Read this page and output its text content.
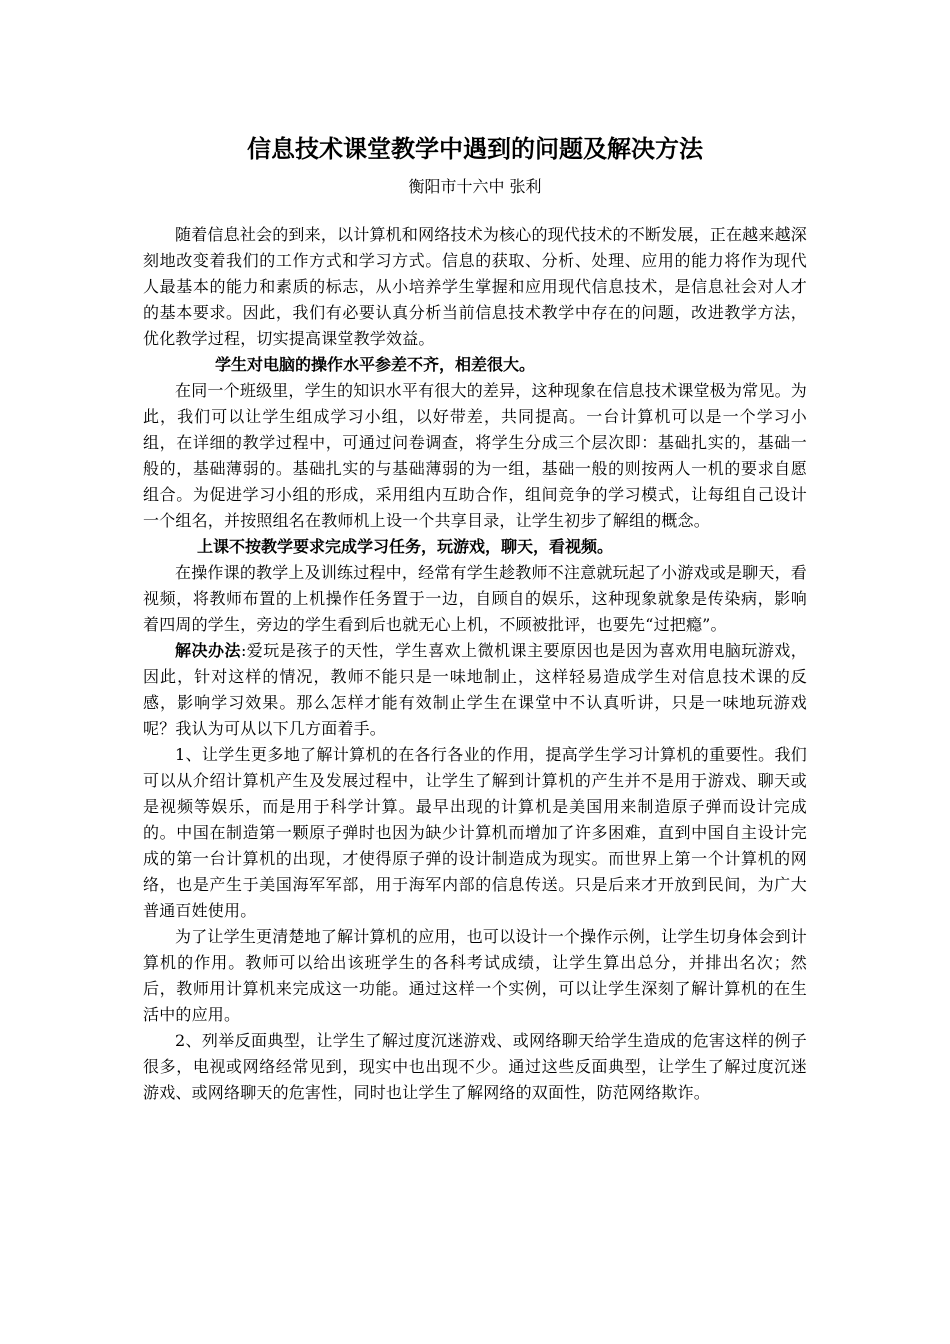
信息技术课堂教学中遇到的问题及解决方法
衡阳市十六中 张利

随着信息社会的到来，以计算机和网络技术为核心的现代技术的不断发展，正在越来越深刻地改变着我们的工作方式和学习方式。信息的获取、分析、处理、应用的能力将作为现代人最基本的能力和素质的标志，从小培养学生掌握和应用现代信息技术，是信息社会对人才的基本要求。因此，我们有必要认真分析当前信息技术教学中存在的问题，改进教学方法，优化教学过程，切实提高课堂教学效益。

学生对电脑的操作水平参差不齐，相差很大。

在同一个班级里，学生的知识水平有很大的差异，这种现象在信息技术课堂极为常见。为此，我们可以让学生组成学习小组，以好带差，共同提高。一台计算机可以是一个学习小组，在详细的教学过程中，可通过问卷调查，将学生分成三个层次即：基础扎实的，基础一般的，基础薄弱的。基础扎实的与基础薄弱的为一组，基础一般的则按两人一机的要求自愿组合。为促进学习小组的形成，采用组内互助合作，组间竞争的学习模式，让每组自己设计一个组名，并按照组名在教师机上设一个共享目录，让学生初步了解组的概念。

上课不按教学要求完成学习任务，玩游戏，聊天，看视频。

在操作课的教学上及训练过程中，经常有学生趁教师不注意就玩起了小游戏或是聊天，看视频，将教师布置的上机操作任务置于一边，自顾自的娱乐，这种现象就象是传染病，影响着四周的学生，旁边的学生看到后也就无心上机，不顾被批评，也要先“过把瘾”。

解决办法:爱玩是孩子的天性，学生喜欢上微机课主要原因也是因为喜欢用电脑玩游戏，因此，针对这样的情况，教师不能只是一味地制止，这样轻易造成学生对信息技术课的反感，影响学习效果。那么怎样才能有效制止学生在课堂中不认真听讲，只是一味地玩游戏呢？我认为可从以下几方面着手。

1、让学生更多地了解计算机的在各行各业的作用，提高学生学习计算机的重要性。我们可以从介绍计算机产生及发展过程中，让学生了解到计算机的产生并不是用于游戏、聊天或是视频等娱乐，而是用于科学计算。最早出现的计算机是美国用来制造原子弹而设计完成的。中国在制造第一颗原子弹时也因为缺少计算机而增加了许多困难，直到中国自主设计完成的第一台计算机的出现，才使得原子弹的设计制造成为现实。而世界上第一个计算机的网络，也是产生于美国海军军部，用于海军内部的信息传送。只是后来才开放到民间，为广大普通百姓使用。

为了让学生更清楚地了解计算机的应用，也可以设计一个操作示例，让学生切身体会到计算机的作用。教师可以给出该班学生的各科考试成绩，让学生算出总分，并排出名次；然后，教师用计算机来完成这一功能。通过这样一个实例，可以让学生深刻了解计算机的在生活中的应用。

2、列举反面典型，让学生了解过度沉迷游戏、或网络聊天给学生造成的危害这样的例子很多，电视或网络经常见到，现实中也出现不少。通过这些反面典型，让学生了解过度沉迷游戏、或网络聊天的危害性，同时也让学生了解网络的双面性，防范网络欺诈。
